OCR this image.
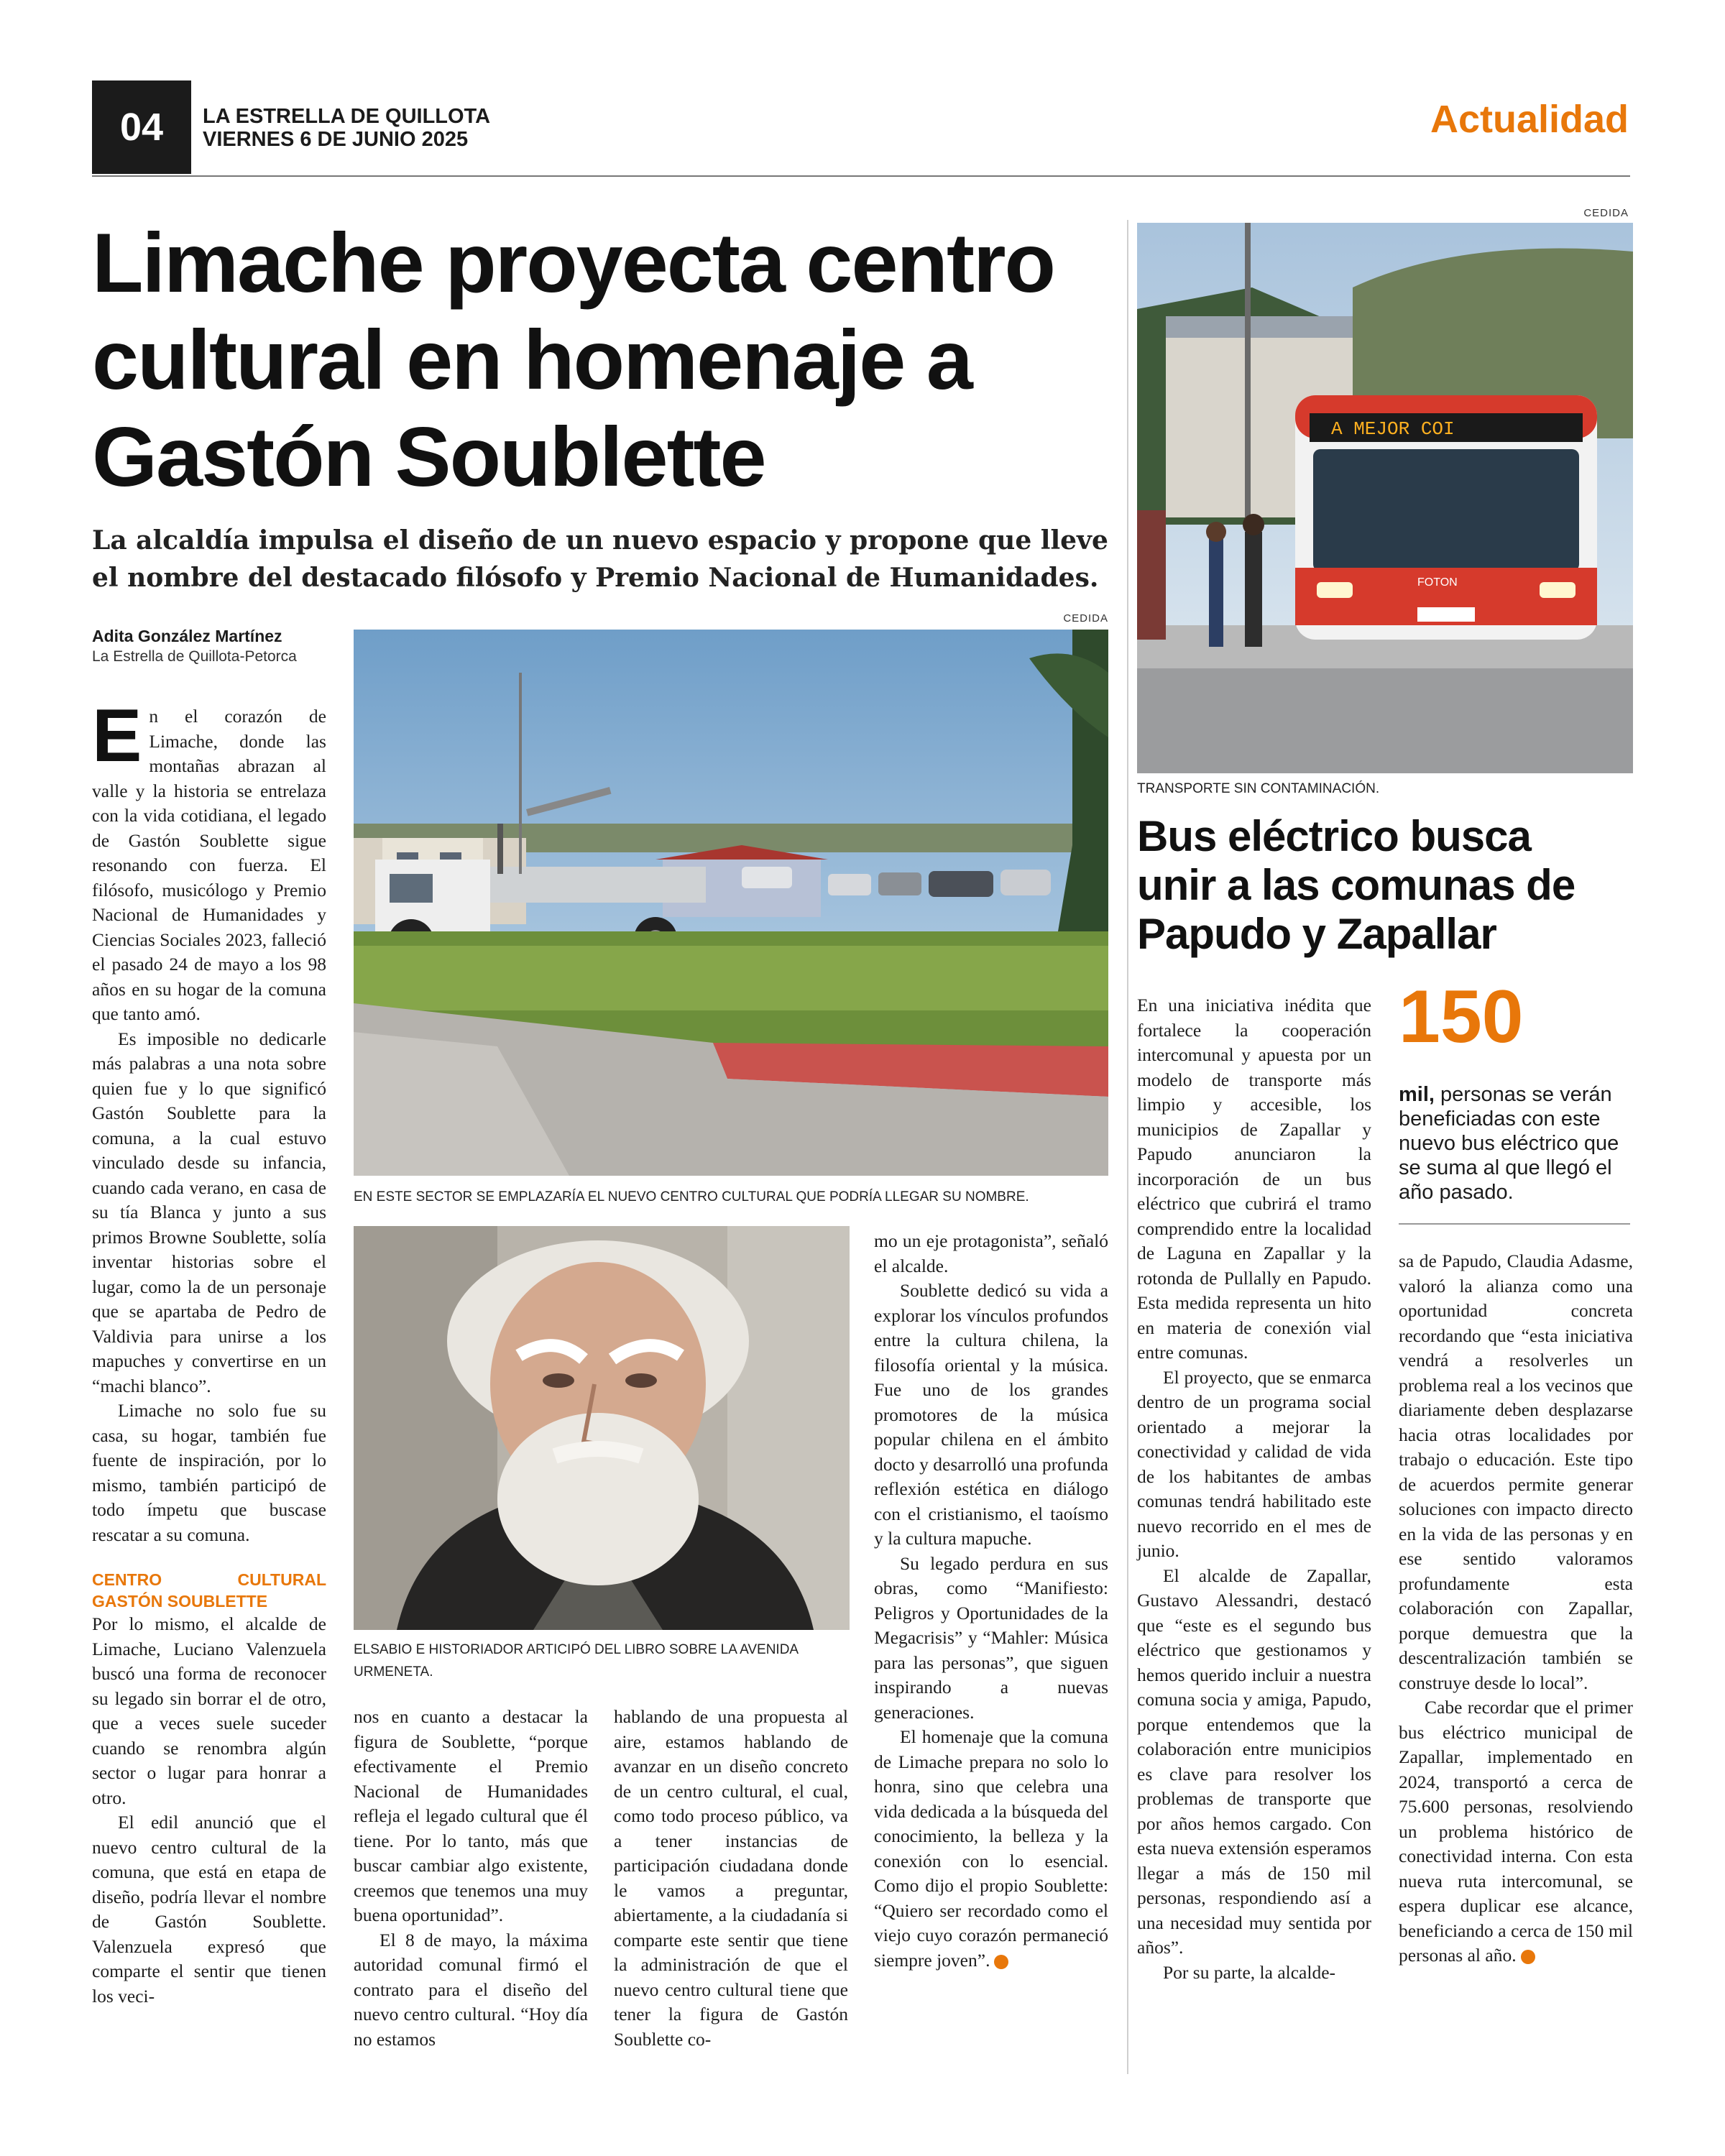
04	LA ESTRELLA DE QUILLOTA
VIERNES 6 DE JUNIO 2025	Actualidad
Limache proyecta centro cultural en homenaje a Gastón Soublette
La alcaldía impulsa el diseño de un nuevo espacio y propone que lleve el nombre del destacado filósofo y Premio Nacional de Humanidades.
Adita González Martínez
La Estrella de Quillota-Petorca
CEDIDA
EN ESTE SECTOR SE EMPLAZARÍA EL NUEVO CENTRO CULTURAL QUE PODRÍA LLEGAR SU NOMBRE.
ELSABIO E HISTORIADOR ARTICIPÓ DEL LIBRO SOBRE LA AVENIDA URMENETA.

En el corazón de Limache, donde las montañas abrazan al valle y la historia se entrelaza con la vida cotidiana, el legado de Gastón Soublette sigue resonando con fuerza. El filósofo, musicólogo y Premio Nacional de Humanidades y Ciencias Sociales 2023, falleció el pasado 24 de mayo a los 98 años en su hogar de la comuna que tanto amó.

Es imposible no dedicarle más palabras a una nota sobre quien fue y lo que significó Gastón Soublette para la comuna, a la cual estuvo vinculado desde su infancia, cuando cada verano, en casa de su tía Blanca y junto a sus primos Browne Soublette, solía inventar historias sobre el lugar, como la de un personaje que se apartaba de Pedro de Valdivia para unirse a los mapuches y convertirse en un “machi blanco”.

Limache no solo fue su casa, su hogar, también fue fuente de inspiración, por lo mismo, también participó de todo ímpetu que buscase rescatar a su comuna.

CENTRO CULTURAL GASTÓN SOUBLETTE

Por lo mismo, el alcalde de Limache, Luciano Valenzuela buscó una forma de reconocer su legado sin borrar el de otro, que a veces suele suceder cuando se renombra algún sector o lugar para honrar a otro.

El edil anunció que el nuevo centro cultural de la comuna, que está en etapa de diseño, podría llevar el nombre de Gastón Soublette. Valenzuela expresó que comparte el sentir que tienen los veci-

nos en cuanto a destacar la figura de Soublette, “porque efectivamente el Premio Nacional de Humanidades refleja el legado cultural que él tiene. Por lo tanto, más que buscar cambiar algo existente, creemos que tenemos una muy buena oportunidad”.

El 8 de mayo, la máxima autoridad comunal firmó el contrato para el diseño del nuevo centro cultural. “Hoy día no estamos

hablando de una propuesta al aire, estamos hablando de avanzar en un diseño concreto de un centro cultural, el cual, como todo proceso público, va a tener instancias de participación ciudadana donde le vamos a preguntar, abiertamente, a la ciudadanía si comparte este sentir que tiene la administración de que el nuevo centro cultural tiene que tener la figura de Gastón Soublette co-

mo un eje protagonista”, señaló el alcalde.

Soublette dedicó su vida a explorar los vínculos profundos entre la cultura chilena, la filosofía oriental y la música. Fue uno de los grandes promotores de la música popular chilena en el ámbito docto y desarrolló una profunda reflexión estética en diálogo con el cristianismo, el taoísmo y la cultura mapuche.

Su legado perdura en sus obras, como “Manifiesto: Peligros y Oportunidades de la Megacrisis” y “Mahler: Música para las personas”, que siguen inspirando a nuevas generaciones.

El homenaje que la comuna de Limache prepara no solo lo honra, sino que celebra una vida dedicada a la búsqueda del conocimiento, la belleza y la conexión con lo esencial. Como dijo el propio Soublette: “Quiero ser recordado como el viejo cuyo corazón permaneció siempre joven”.

CEDIDA
A MEJOR COI
FOTON
TRANSPORTE SIN CONTAMINACIÓN.
Bus eléctrico busca unir a las comunas de Papudo y Zapallar
150
mil, personas se verán beneficiadas con este nuevo bus eléctrico que se suma al que llegó el año pasado.

En una iniciativa inédita que fortalece la cooperación intercomunal y apuesta por un modelo de transporte más limpio y accesible, los municipios de Zapallar y Papudo anunciaron la incorporación de un bus eléctrico que cubrirá el tramo comprendido entre la localidad de Laguna en Zapallar y la rotonda de Pullally en Papudo. Esta medida representa un hito en materia de conexión vial entre comunas.

El proyecto, que se enmarca dentro de un programa social orientado a mejorar la conectividad y calidad de vida de los habitantes de ambas comunas tendrá habilitado este nuevo recorrido en el mes de junio.

El alcalde de Zapallar, Gustavo Alessandri, destacó que “este es el segundo bus eléctrico que gestionamos y hemos querido incluir a nuestra comuna socia y amiga, Papudo, porque entendemos que la colaboración entre municipios es clave para resolver los problemas de transporte que por años hemos cargado. Con esta nueva extensión esperamos llegar a más de 150 mil personas, respondiendo así a una necesidad muy sentida por años”.

Por su parte, la alcalde-

sa de Papudo, Claudia Adasme, valoró la alianza como una oportunidad concreta recordando que “esta iniciativa vendrá a resolverles un problema real a los vecinos que diariamente deben desplazarse hacia otras localidades por trabajo o educación. Este tipo de acuerdos permite generar soluciones con impacto directo en la vida de las personas y en ese sentido valoramos profundamente esta colaboración con Zapallar, porque demuestra que la descentralización también se construye desde lo local”.

Cabe recordar que el primer bus eléctrico municipal de Zapallar, implementado en 2024, transportó a cerca de 75.600 personas, resolviendo un problema histórico de conectividad interna. Con esta nueva ruta intercomunal, se espera duplicar ese alcance, beneficiando a cerca de 150 mil personas al año.
